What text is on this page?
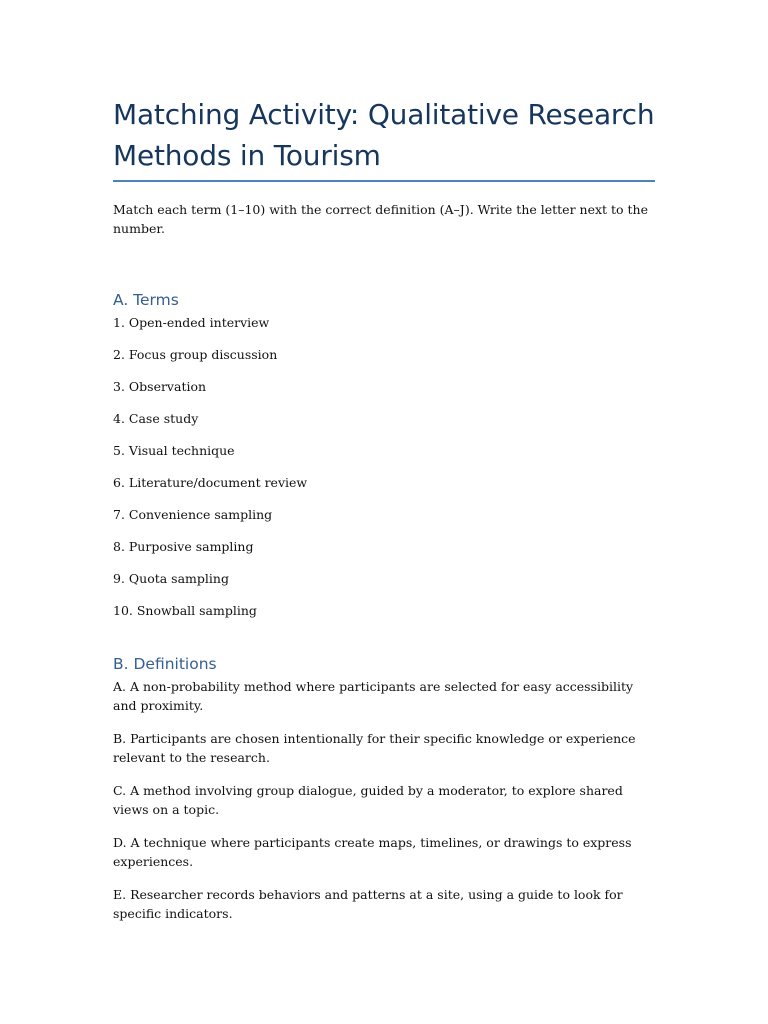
Matching Activity: Qualitative Research Methods in Tourism

Match each term (1–10) with the correct definition (A–J). Write the letter next to the number.

A. Terms
1. Open-ended interview
2. Focus group discussion
3. Observation
4. Case study
5. Visual technique
6. Literature/document review
7. Convenience sampling
8. Purposive sampling
9. Quota sampling
10. Snowball sampling
B. Definitions
A. A non-probability method where participants are selected for easy accessibility and proximity.
B. Participants are chosen intentionally for their specific knowledge or experience relevant to the research.
C. A method involving group dialogue, guided by a moderator, to explore shared views on a topic.
D. A technique where participants create maps, timelines, or drawings to express experiences.
E. Researcher records behaviors and patterns at a site, using a guide to look for specific indicators.
